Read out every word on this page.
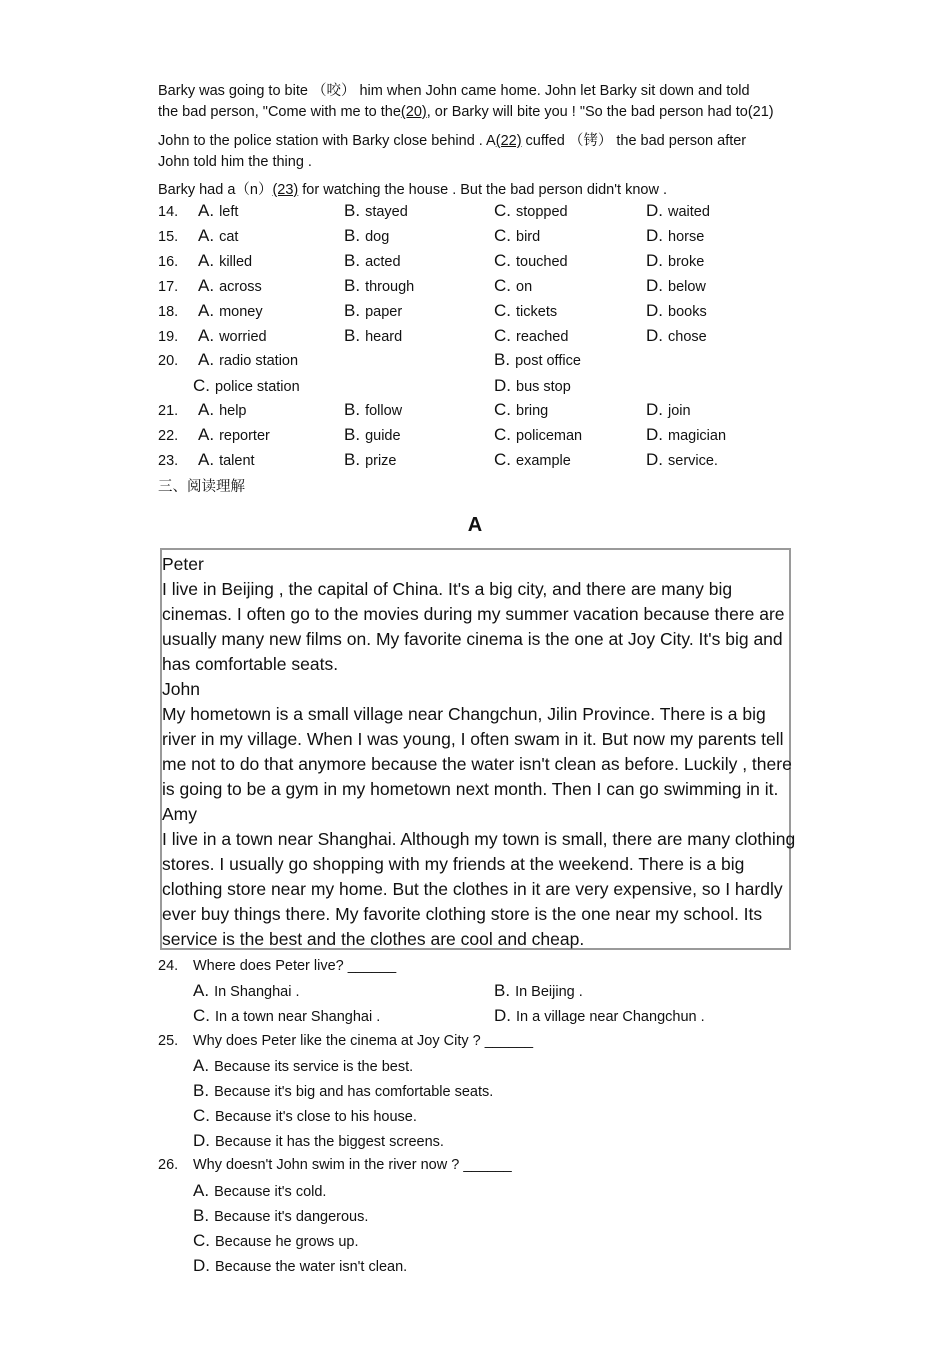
Barky was going to bite （咬） him when John came home. John let Barky sit down and told
the bad person, "Come with me to the(20), or Barky will bite you ! "So the bad person had to(21)
John to the police station with Barky close behind . A(22) cuffed （铐） the bad person after
John told him the thing .
Barky had a（n）(23) for watching the house . But the bad person didn't know .
14. A. left	B. stayed	C. stopped	D. waited
15. A. cat	B. dog	C. bird	D. horse
16. A. killed	B. acted	C. touched	D. broke
17. A. across	B. through	C. on	D. below
18. A. money	B. paper	C. tickets	D. books
19. A. worried	B. heard	C. reached	D. chose
20. A. radio station	B. post office
C. police station	D. bus stop
21. A. help	B. follow	C. bring	D. join
22. A. reporter	B. guide	C. policeman	D. magician
23. A. talent	B. prize	C. example	D. service.
三、阅读理解
A
Peter
I live in Beijing , the capital of China. It's a big city, and there are many big
cinemas. I often go to the movies during my summer vacation because there are
usually many new films on. My favorite cinema is the one at Joy City. It's big and
has comfortable seats.
John
My hometown is a small village near Changchun, Jilin Province. There is a big
river in my village. When I was young, I often swam in it. But now my parents tell
me not to do that anymore because the water isn't clean as before. Luckily , there
is going to be a gym in my hometown next month. Then I can go swimming in it.
Amy
I live in a town near Shanghai. Although my town is small, there are many clothing
stores. I usually go shopping with my friends at the weekend. There is a big
clothing store near my home. But the clothes in it are very expensive, so I hardly
ever buy things there. My favorite clothing store is the one near my school. Its
service is the best and the clothes are cool and cheap.
24. Where does Peter live? ______
A. In Shanghai .	B. In Beijing .
C. In a town near Shanghai .	D. In a village near Changchun .
25. Why does Peter like the cinema at Joy City ? ______
A. Because its service is the best.
B. Because it's big and has comfortable seats.
C. Because it's close to his house.
D. Because it has the biggest screens.
26. Why doesn't John swim in the river now ? ______
A. Because it's cold.
B. Because it's dangerous.
C. Because he grows up.
D. Because the water isn't clean.
